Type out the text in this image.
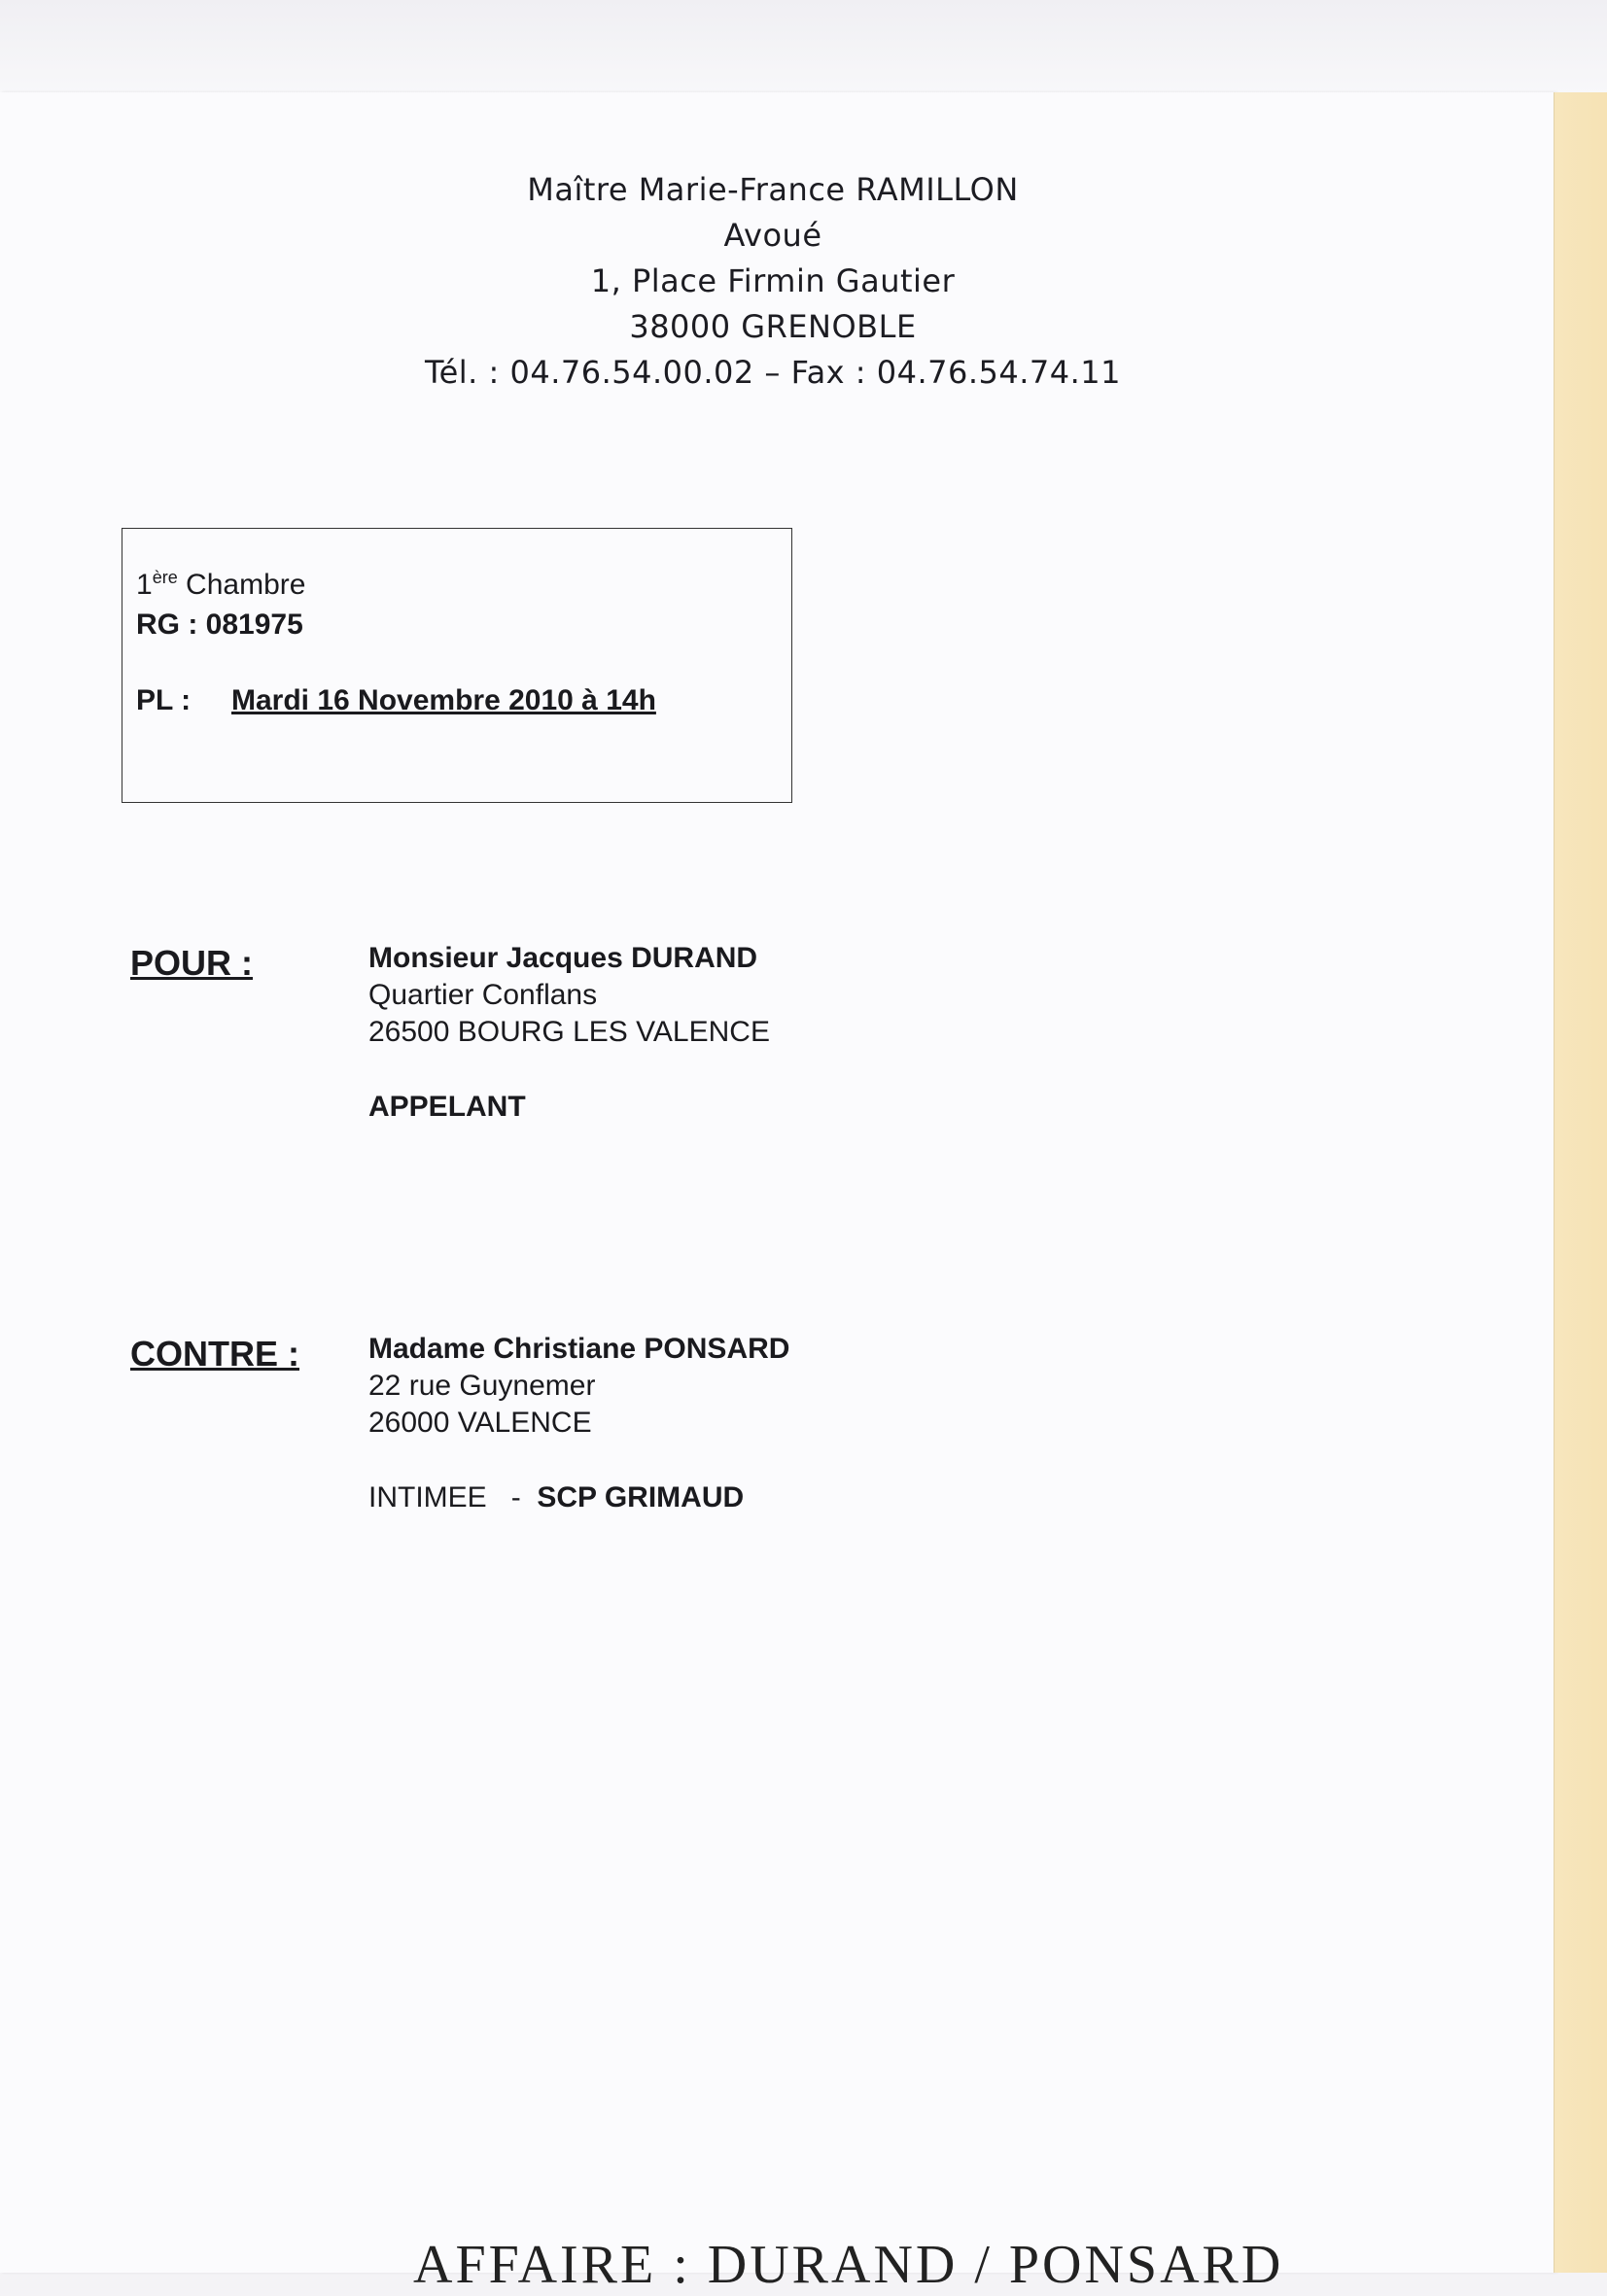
Maître Marie-France RAMILLON
Avoué
1, Place Firmin Gautier
38000 GRENOBLE
Tél. : 04.76.54.00.02 – Fax : 04.76.54.74.11
1ère Chambre
RG : 081975
PL : Mardi 16 Novembre 2010 à 14h
POUR :	Monsieur Jacques DURAND
Quartier Conflans
26500 BOURG LES VALENCE
APPELANT
CONTRE : Madame Christiane PONSARD
22 rue Guynemer
26000 VALENCE
INTIMEE - SCP GRIMAUD
AFFAIRE : DURAND / PONSARD
